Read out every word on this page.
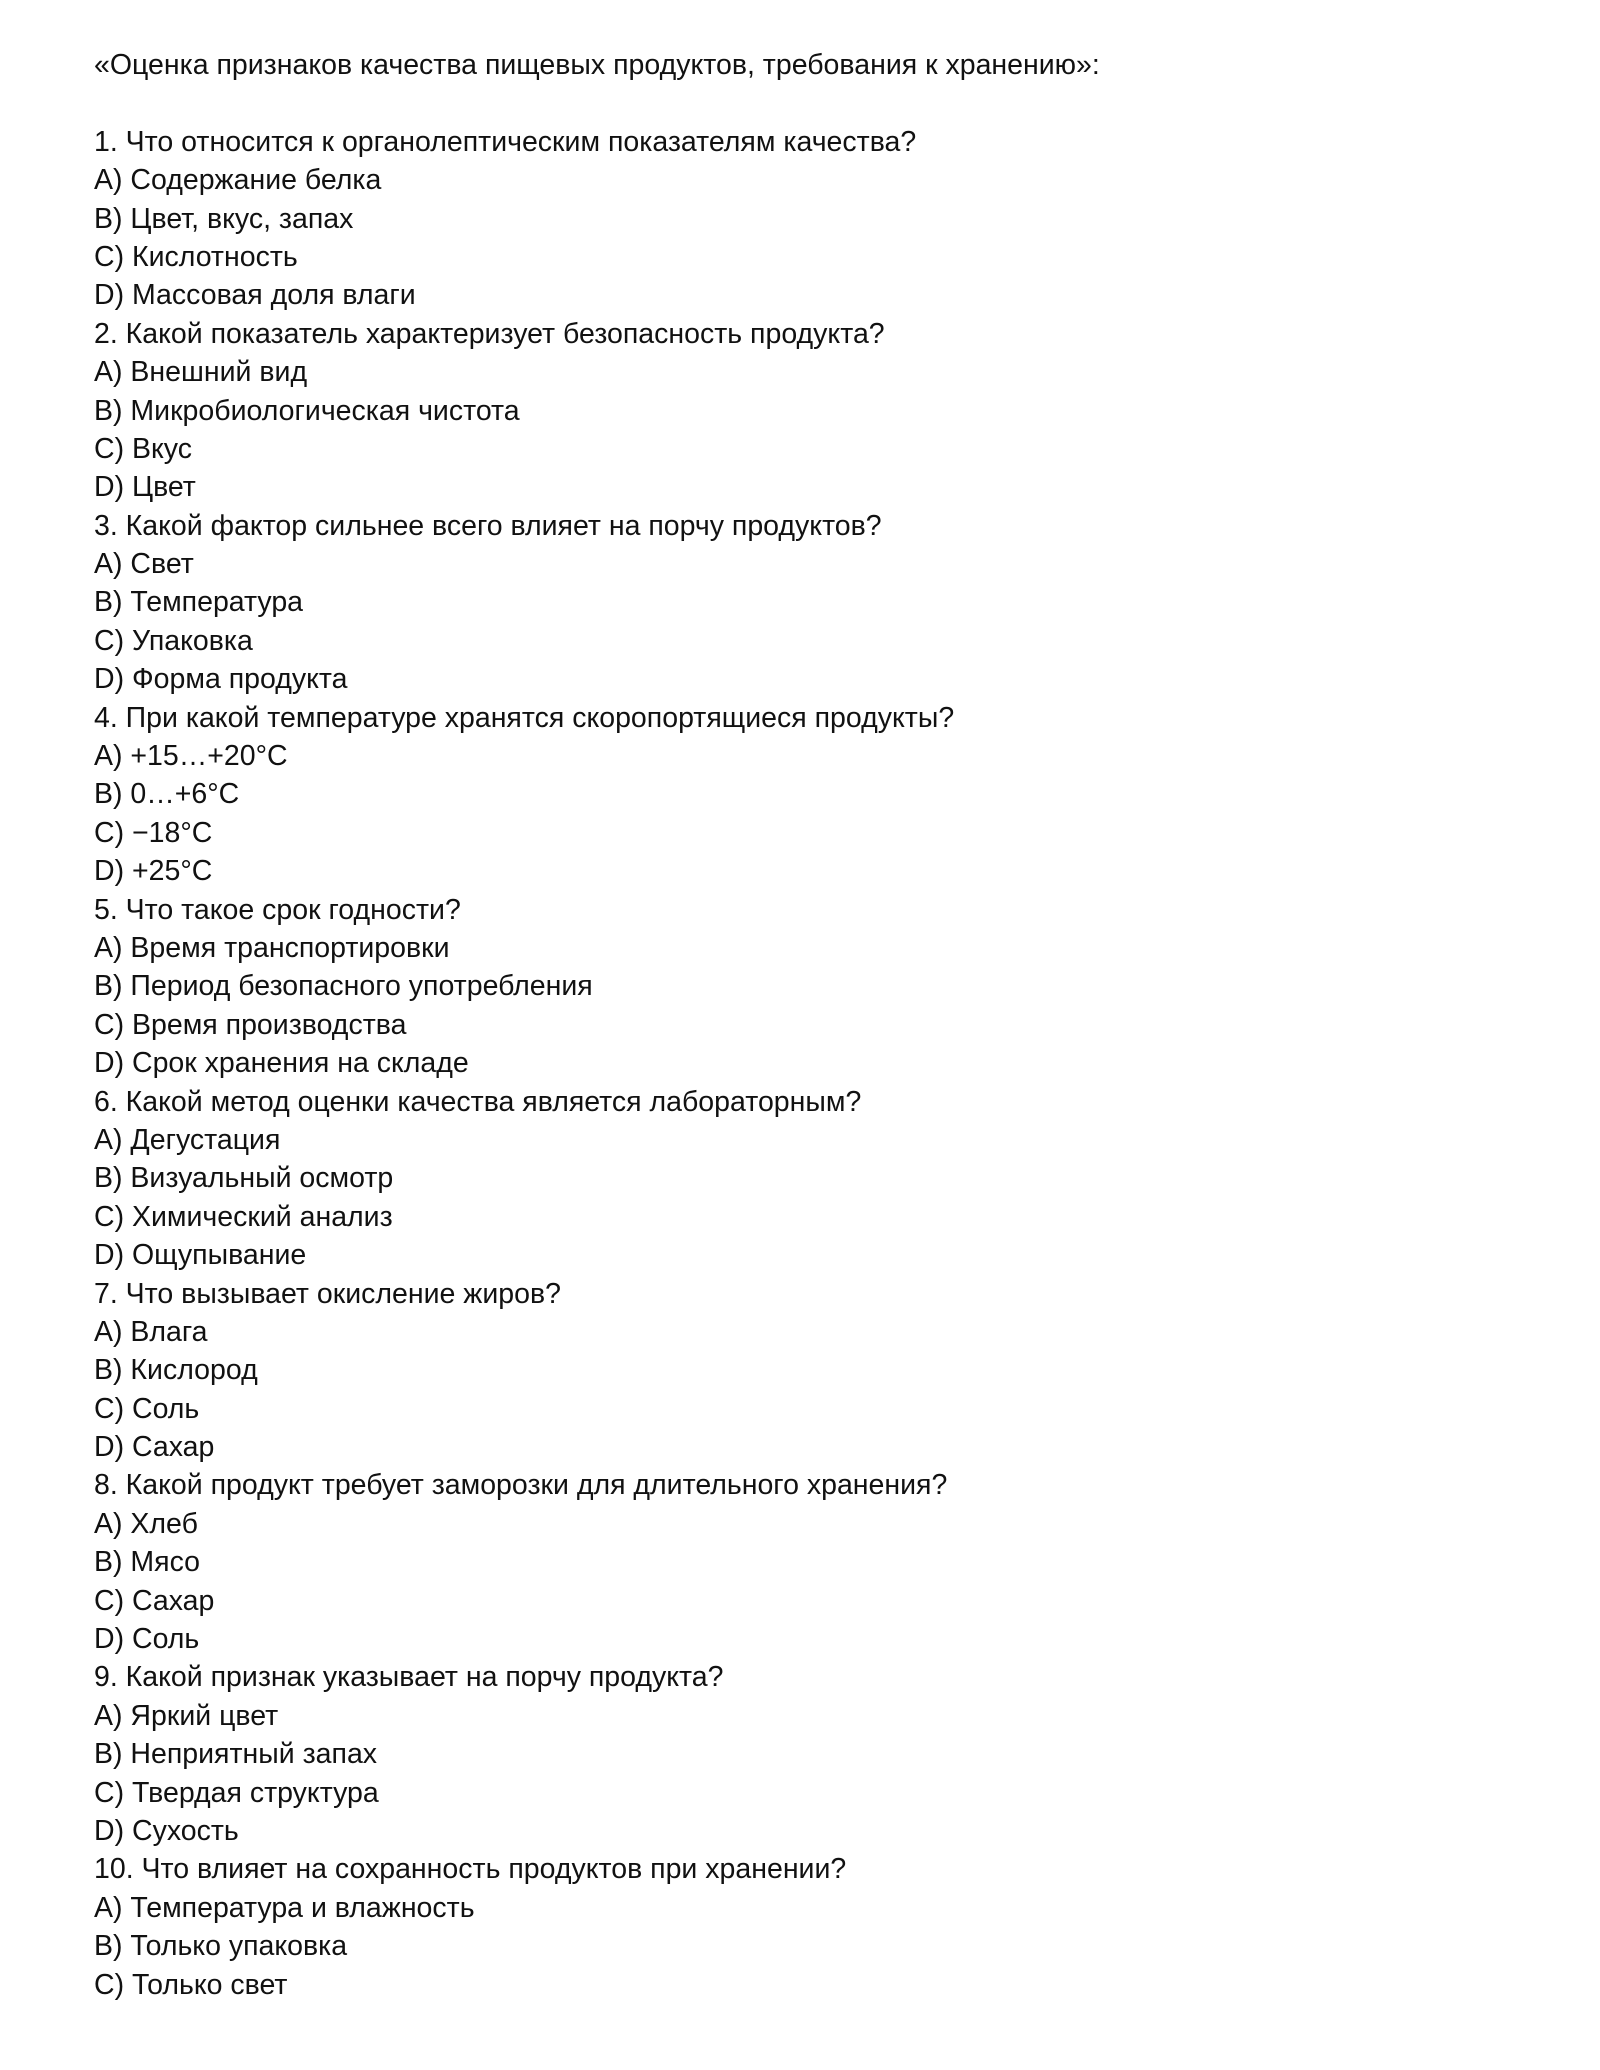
«Оценка признаков качества пищевых продуктов, требования к хранению»:
1. Что относится к органолептическим показателям качества?
A) Содержание белка
B) Цвет, вкус, запах
C) Кислотность
D) Массовая доля влаги
2. Какой показатель характеризует безопасность продукта?
A) Внешний вид
B) Микробиологическая чистота
C) Вкус
D) Цвет
3. Какой фактор сильнее всего влияет на порчу продуктов?
A) Свет
B) Температура
C) Упаковка
D) Форма продукта
4. При какой температуре хранятся скоропортящиеся продукты?
A) +15…+20°C
B) 0…+6°C
C) −18°C
D) +25°C
5. Что такое срок годности?
A) Время транспортировки
B) Период безопасного употребления
C) Время производства
D) Срок хранения на складе
6. Какой метод оценки качества является лабораторным?
A) Дегустация
B) Визуальный осмотр
C) Химический анализ
D) Ощупывание
7. Что вызывает окисление жиров?
A) Влага
B) Кислород
C) Соль
D) Сахар
8. Какой продукт требует заморозки для длительного хранения?
A) Хлеб
B) Мясо
C) Сахар
D) Соль
9. Какой признак указывает на порчу продукта?
A) Яркий цвет
B) Неприятный запах
C) Твердая структура
D) Сухость
10. Что влияет на сохранность продуктов при хранении?
A) Температура и влажность
B) Только упаковка
C) Только свет
